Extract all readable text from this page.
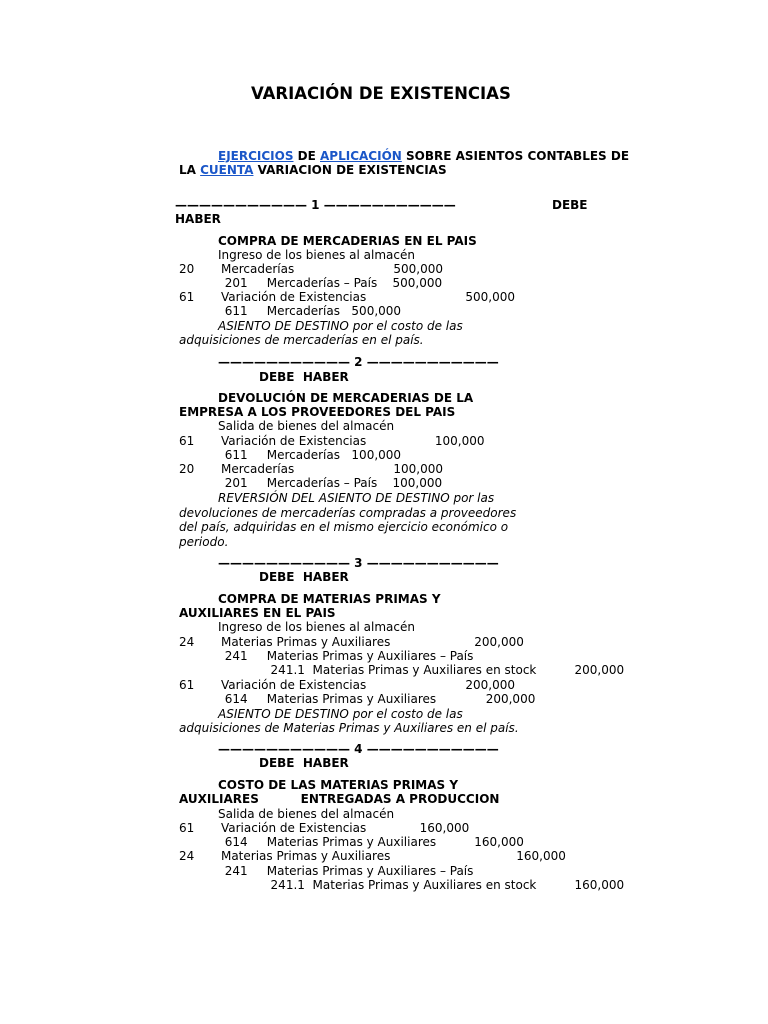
VARIACIÓN DE EXISTENCIAS
EJERCICIOS DE APLICACIÓN SOBRE ASIENTOS CONTABLES DE
LA CUENTA VARIACION DE EXISTENCIAS
——————————— 1 ———————————	DEBE
HABER
COMPRA DE MERCADERIAS EN EL PAIS
Ingreso de los bienes al almacén
20       Mercaderías                          500,000
201     Mercaderías – País    500,000
61       Variación de Existencias                          500,000
611     Mercaderías   500,000
ASIENTO DE DESTINO por el costo de las
adquisiciones de mercaderías en el país.
——————————— 2 ———————————
DEBE  HABER
DEVOLUCIÓN DE MERCADERIAS DE LA
EMPRESA A LOS PROVEEDORES DEL PAIS
Salida de bienes del almacén
61       Variación de Existencias                  100,000
611     Mercaderías   100,000
20       Mercaderías                          100,000
201     Mercaderías – País    100,000
REVERSIÓN DEL ASIENTO DE DESTINO por las
devoluciones de mercaderías compradas a proveedores
del país, adquiridas en el mismo ejercicio económico o
periodo.
——————————— 3 ———————————
DEBE  HABER
COMPRA DE MATERIAS PRIMAS Y
AUXILIARES EN EL PAIS
Ingreso de los bienes al almacén
24       Materias Primas y Auxiliares                      200,000
241     Materias Primas y Auxiliares – País
241.1  Materias Primas y Auxiliares en stock          200,000
61       Variación de Existencias                          200,000
614     Materias Primas y Auxiliares             200,000
ASIENTO DE DESTINO por el costo de las
adquisiciones de Materias Primas y Auxiliares en el país.
——————————— 4 ———————————
DEBE  HABER
COSTO DE LAS MATERIAS PRIMAS Y
AUXILIARES          ENTREGADAS A PRODUCCION
Salida de bienes del almacén
61       Variación de Existencias              160,000
614     Materias Primas y Auxiliares          160,000
24       Materias Primas y Auxiliares                                 160,000
241     Materias Primas y Auxiliares – País
241.1  Materias Primas y Auxiliares en stock          160,000
